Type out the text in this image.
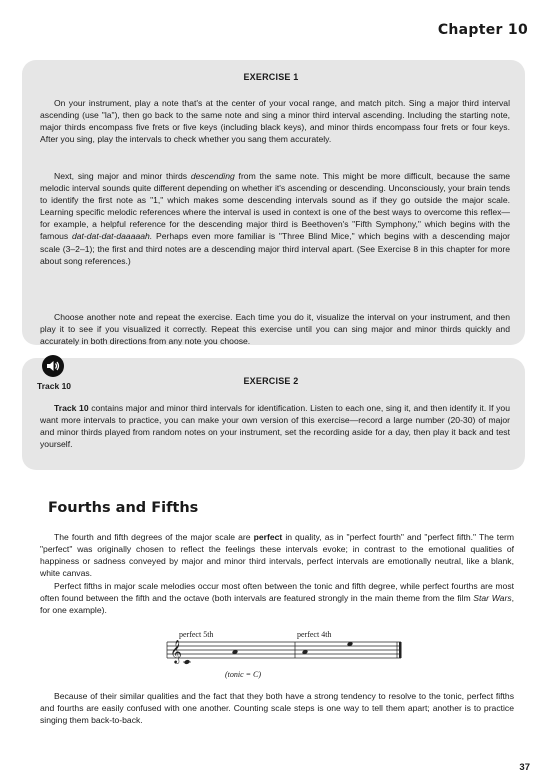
Chapter 10
EXERCISE 1

On your instrument, play a note that's at the center of your vocal range, and match pitch. Sing a major third interval ascending (use "la"), then go back to the same note and sing a minor third interval ascending. Including the starting note, major thirds encompass five frets or five keys (including black keys), and minor thirds encompass four frets or four keys. After you sing, play the intervals to check whether you sang them accurately.

Next, sing major and minor thirds descending from the same note. This might be more difficult, because the same melodic interval sounds quite different depending on whether it's ascending or descending. Unconsciously, your brain tends to identify the first note as "1," which makes some descending intervals sound as if they go outside the major scale. Learning specific melodic references where the interval is used in context is one of the best ways to overcome this reflex—for example, a helpful reference for the descending major third is Beethoven's "Fifth Symphony," which begins with the famous dat-dat-dat-daaaaah. Perhaps even more familiar is "Three Blind Mice," which begins with a descending major scale (3–2–1); the first and third notes are a descending major third interval apart. (See Exercise 8 in this chapter for more about song references.)

Choose another note and repeat the exercise. Each time you do it, visualize the interval on your instrument, and then play it to see if you visualized it correctly. Repeat this exercise until you can sing major and minor thirds quickly and accurately in both directions from any note you choose.

Track 10	EXERCISE 2

Track 10 contains major and minor third intervals for identification. Listen to each one, sing it, and then identify it. If you want more intervals to practice, you can make your own version of this exercise—record a large number (20-30) of major and minor thirds played from random notes on your instrument, set the recording aside for a day, then play it back and test yourself.

Fourths and Fifths

The fourth and fifth degrees of the major scale are perfect in quality, as in "perfect fourth" and "perfect fifth." The term "perfect" was originally chosen to reflect the feelings these intervals evoke; in contrast to the emotional qualities of happiness or sadness conveyed by major and minor third intervals, perfect intervals are emotionally neutral, like a blank, white canvas.

Perfect fifths in major scale melodies occur most often between the tonic and fifth degree, while perfect fourths are most often found between the fifth and the octave (both intervals are featured strongly in the main theme from the film Star Wars, for one example).

𝄞
perfect 5th	perfect 4th
(tonic = C)

Because of their similar qualities and the fact that they both have a strong tendency to resolve to the tonic, perfect fifths and fourths are easily confused with one another. Counting scale steps is one way to tell them apart; another is to practice singing them back-to-back.

37
